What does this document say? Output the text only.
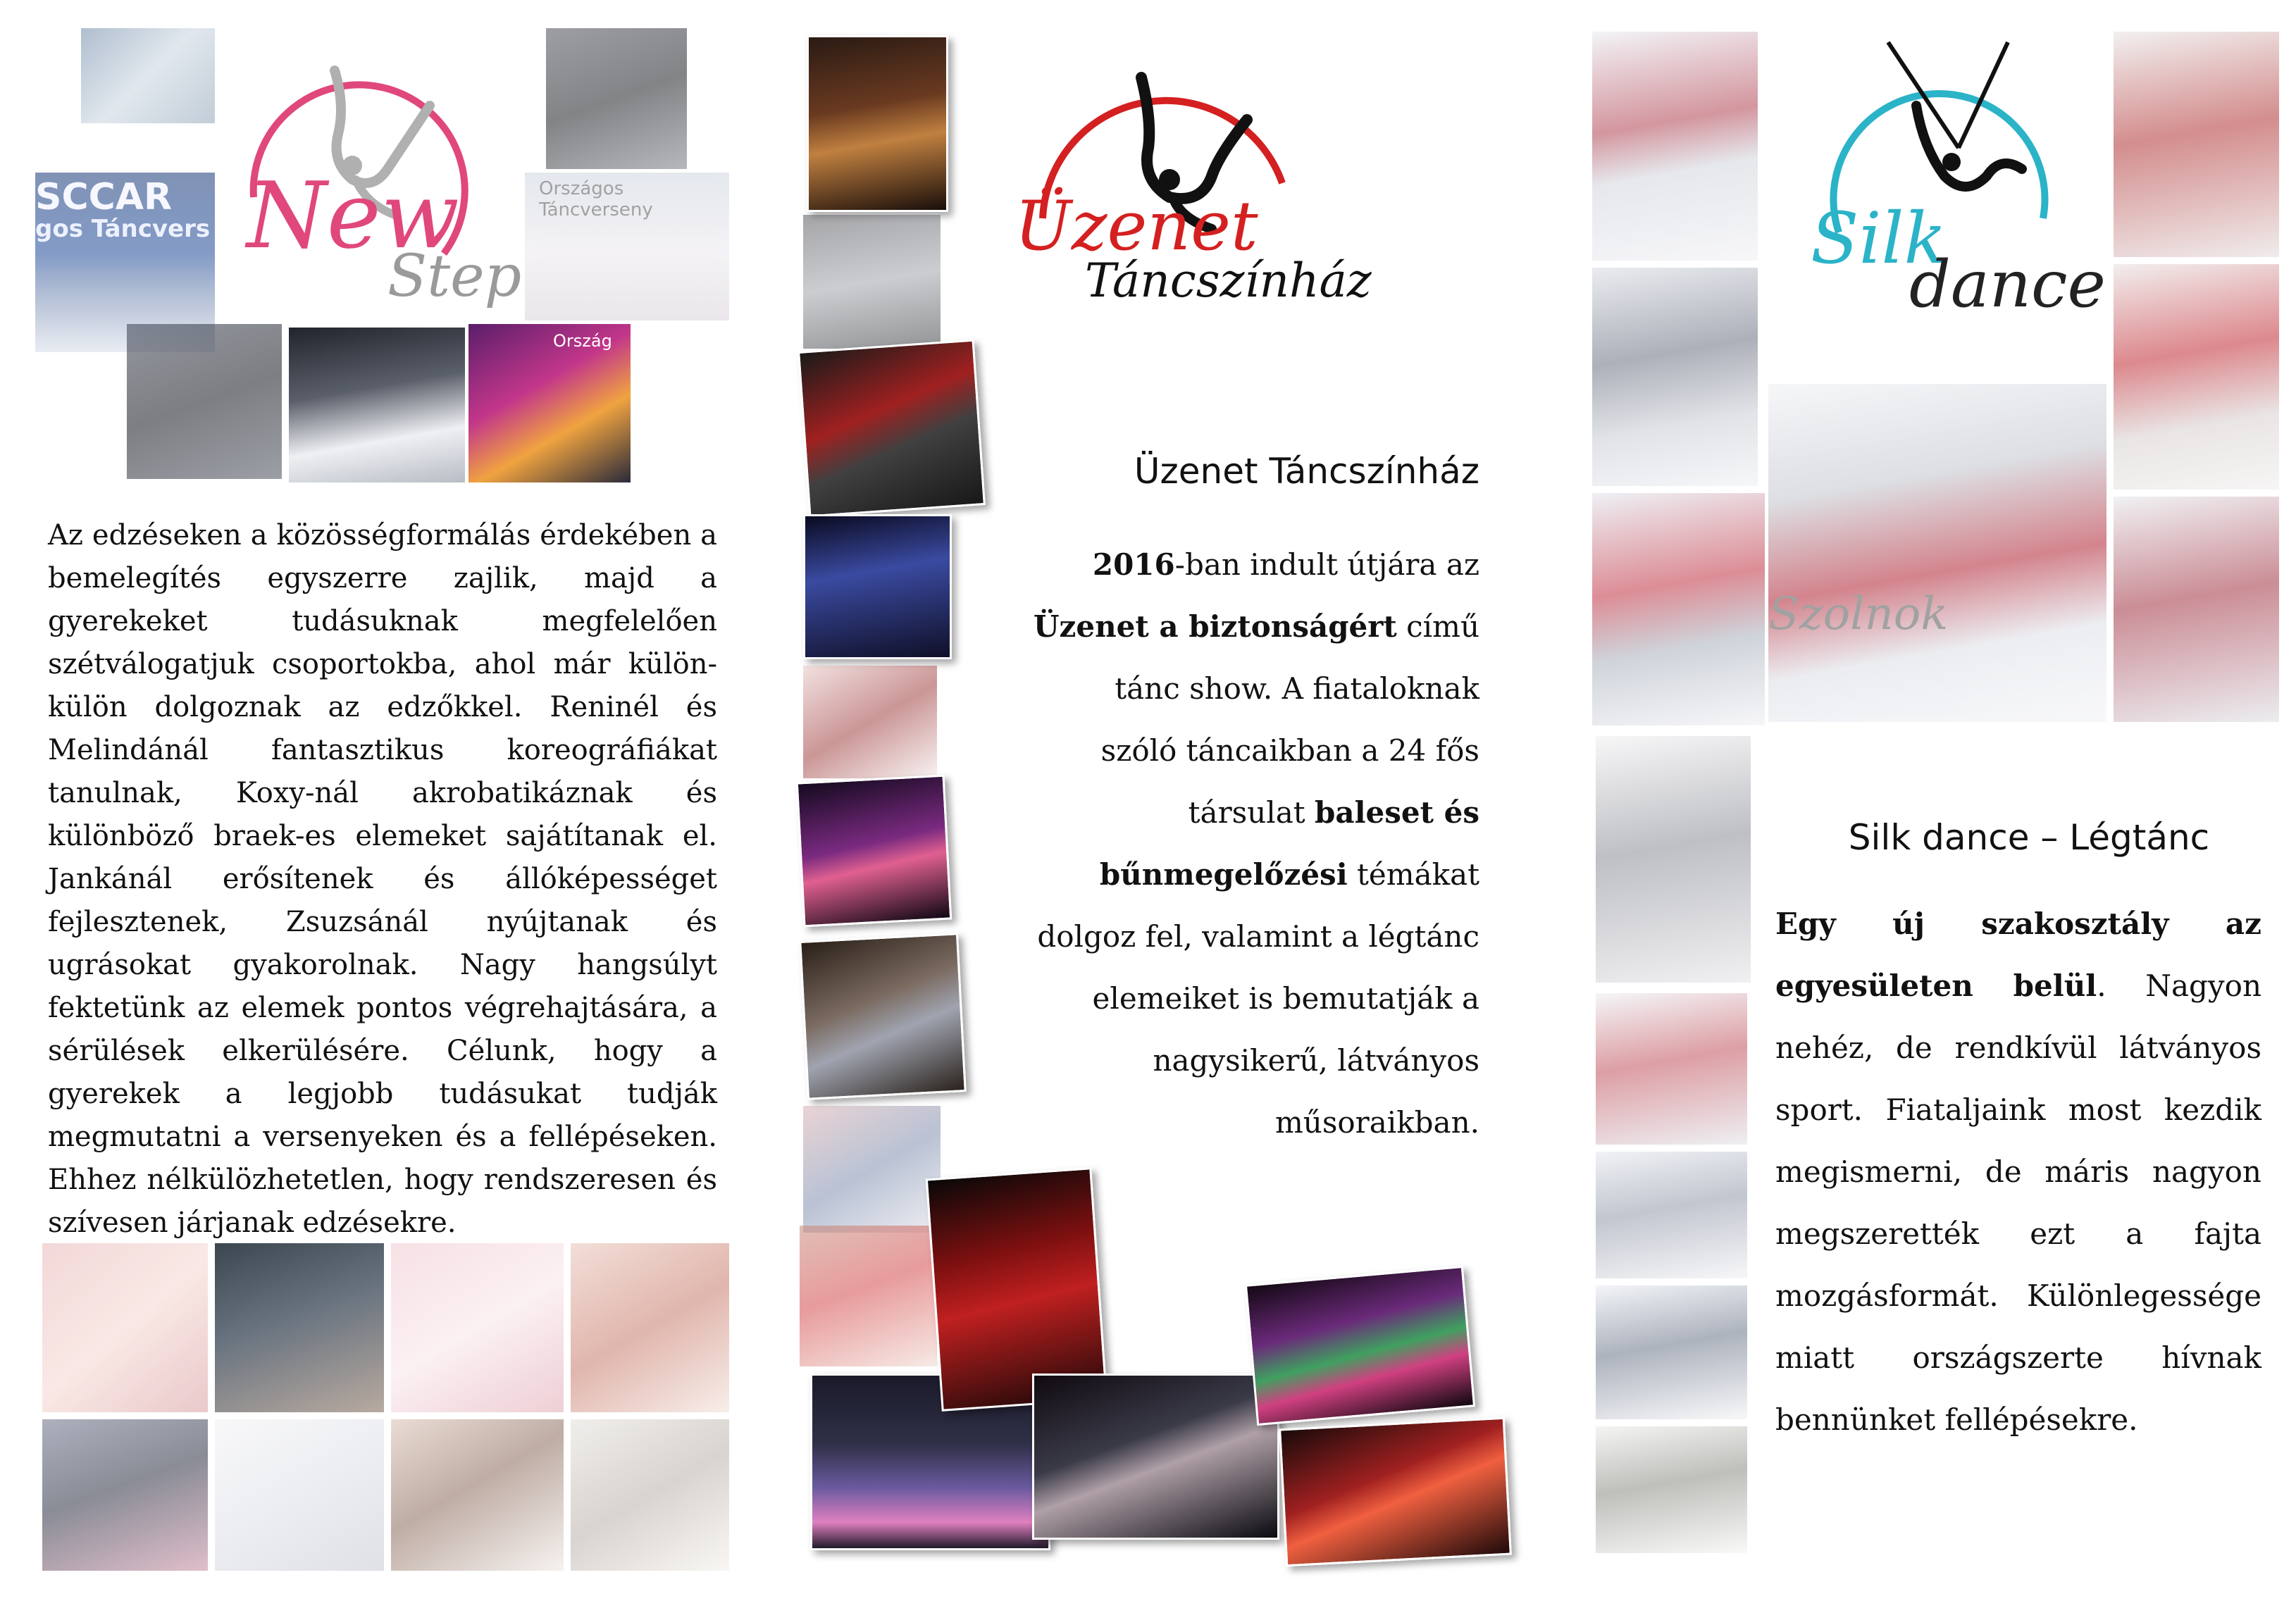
SCCAR
gos Táncvers
Országos Táncverseny
Ország
New
Step
Az edzéseken a közösségformálás érdekében a bemelegítés egyszerre zajlik, majd a gyerekeket tudásuknak megfelelően szétválogatjuk csoportokba, ahol már külön-külön dolgoznak az edzőkkel. Reninél és Melindánál fantasztikus koreográfiákat tanulnak, Koxy-nál akrobatikáznak és különböző braek-es elemeket sajátítanak el. Jankánál erősítenek és állóképességet fejlesztenek, Zsuzsánál nyújtanak és ugrásokat gyakorolnak. Nagy hangsúlyt fektetünk az elemek pontos végrehajtására, a sérülések elkerülésére. Célunk, hogy a gyerekek a legjobb tudásukat tudják megmutatni a versenyeken és a fellépéseken. Ehhez nélkülözhetetlen, hogy rendszeresen és szívesen járjanak edzésekre.
Üzenet
Táncszínház
Üzenet Táncszínház

2016-ban indult útjára az

Üzenet a biztonságért című

tánc show. A fiataloknak

szóló táncaikban a 24 fős

társulat baleset és

bűnmegelőzési témákat

dolgoz fel, valamint a légtánc

elemeiket is bemutatják a

nagysikerű, látványos

műsoraikban.

Szolnok
Silk
dance
Silk dance – Légtánc
Egy új szakosztály az egyesületen belül. Nagyon nehéz, de rendkívül látványos sport. Fiataljaink most kezdik megismerni, de máris nagyon megszerették ezt a fajta mozgásformát. Különlegessége miatt országszerte hívnak bennünket fellépésekre.
